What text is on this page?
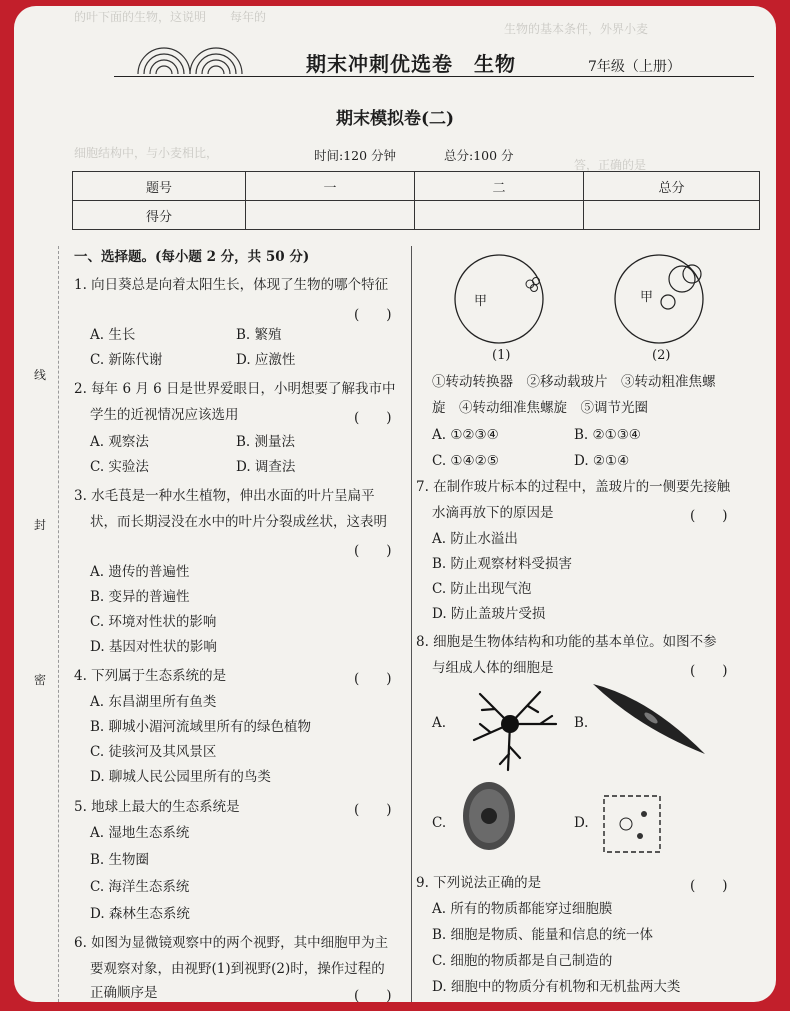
的叶下面的生物，这说明　　每年的
生物的基本条件，外界小麦
细胞结构中，与小麦相比，
答，正确的是
期末冲刺优选卷　生物	7年级（上册）
期末模拟卷(二)
时间:120 分钟	总分:100 分
题号	一	二	总分
得分			
线
封
密
一、选择题。(每小题 2 分，共 50 分)
1. 向日葵总是向着太阳生长，体现了生物的哪个特征
(　　)
A. 生长	B. 繁殖
C. 新陈代谢	D. 应激性
2. 每年 6 月 6 日是世界爱眼日，小明想要了解我市中
学生的近视情况应该选用	(　　)
A. 观察法	B. 测量法
C. 实验法	D. 调查法
3. 水毛茛是一种水生植物，伸出水面的叶片呈扁平
状，而长期浸没在水中的叶片分裂成丝状，这表明
(　　)
A. 遗传的普遍性
B. 变异的普遍性
C. 环境对性状的影响
D. 基因对性状的影响
4. 下列属于生态系统的是	(　　)
A. 东昌湖里所有鱼类
B. 聊城小湄河流域里所有的绿色植物
C. 徒骇河及其风景区
D. 聊城人民公园里所有的鸟类
5. 地球上最大的生态系统是	(　　)
A. 湿地生态系统
B. 生物圈
C. 海洋生态系统
D. 森林生态系统
6. 如图为显微镜观察中的两个视野，其中细胞甲为主
要观察对象，由视野(1)到视野(2)时，操作过程的
正确顺序是	(　　)
甲	甲
(1)	(2)
①转动转换器　②移动载玻片　③转动粗准焦螺
旋　④转动细准焦螺旋　⑤调节光圈
A. ①②③④	B. ②①③④
C. ①④②⑤	D. ②①④
7. 在制作玻片标本的过程中，盖玻片的一侧要先接触
水滴再放下的原因是	(　　)
A. 防止水溢出
B. 防止观察材料受损害
C. 防止出现气泡
D. 防止盖玻片受损
8. 细胞是生物体结构和功能的基本单位。如图不参
与组成人体的细胞是	(　　)
A.	B.
C.	D.
9. 下列说法正确的是	(　　)
A. 所有的物质都能穿过细胞膜
B. 细胞是物质、能量和信息的统一体
C. 细胞的物质都是自己制造的
D. 细胞中的物质分有机物和无机盐两大类
